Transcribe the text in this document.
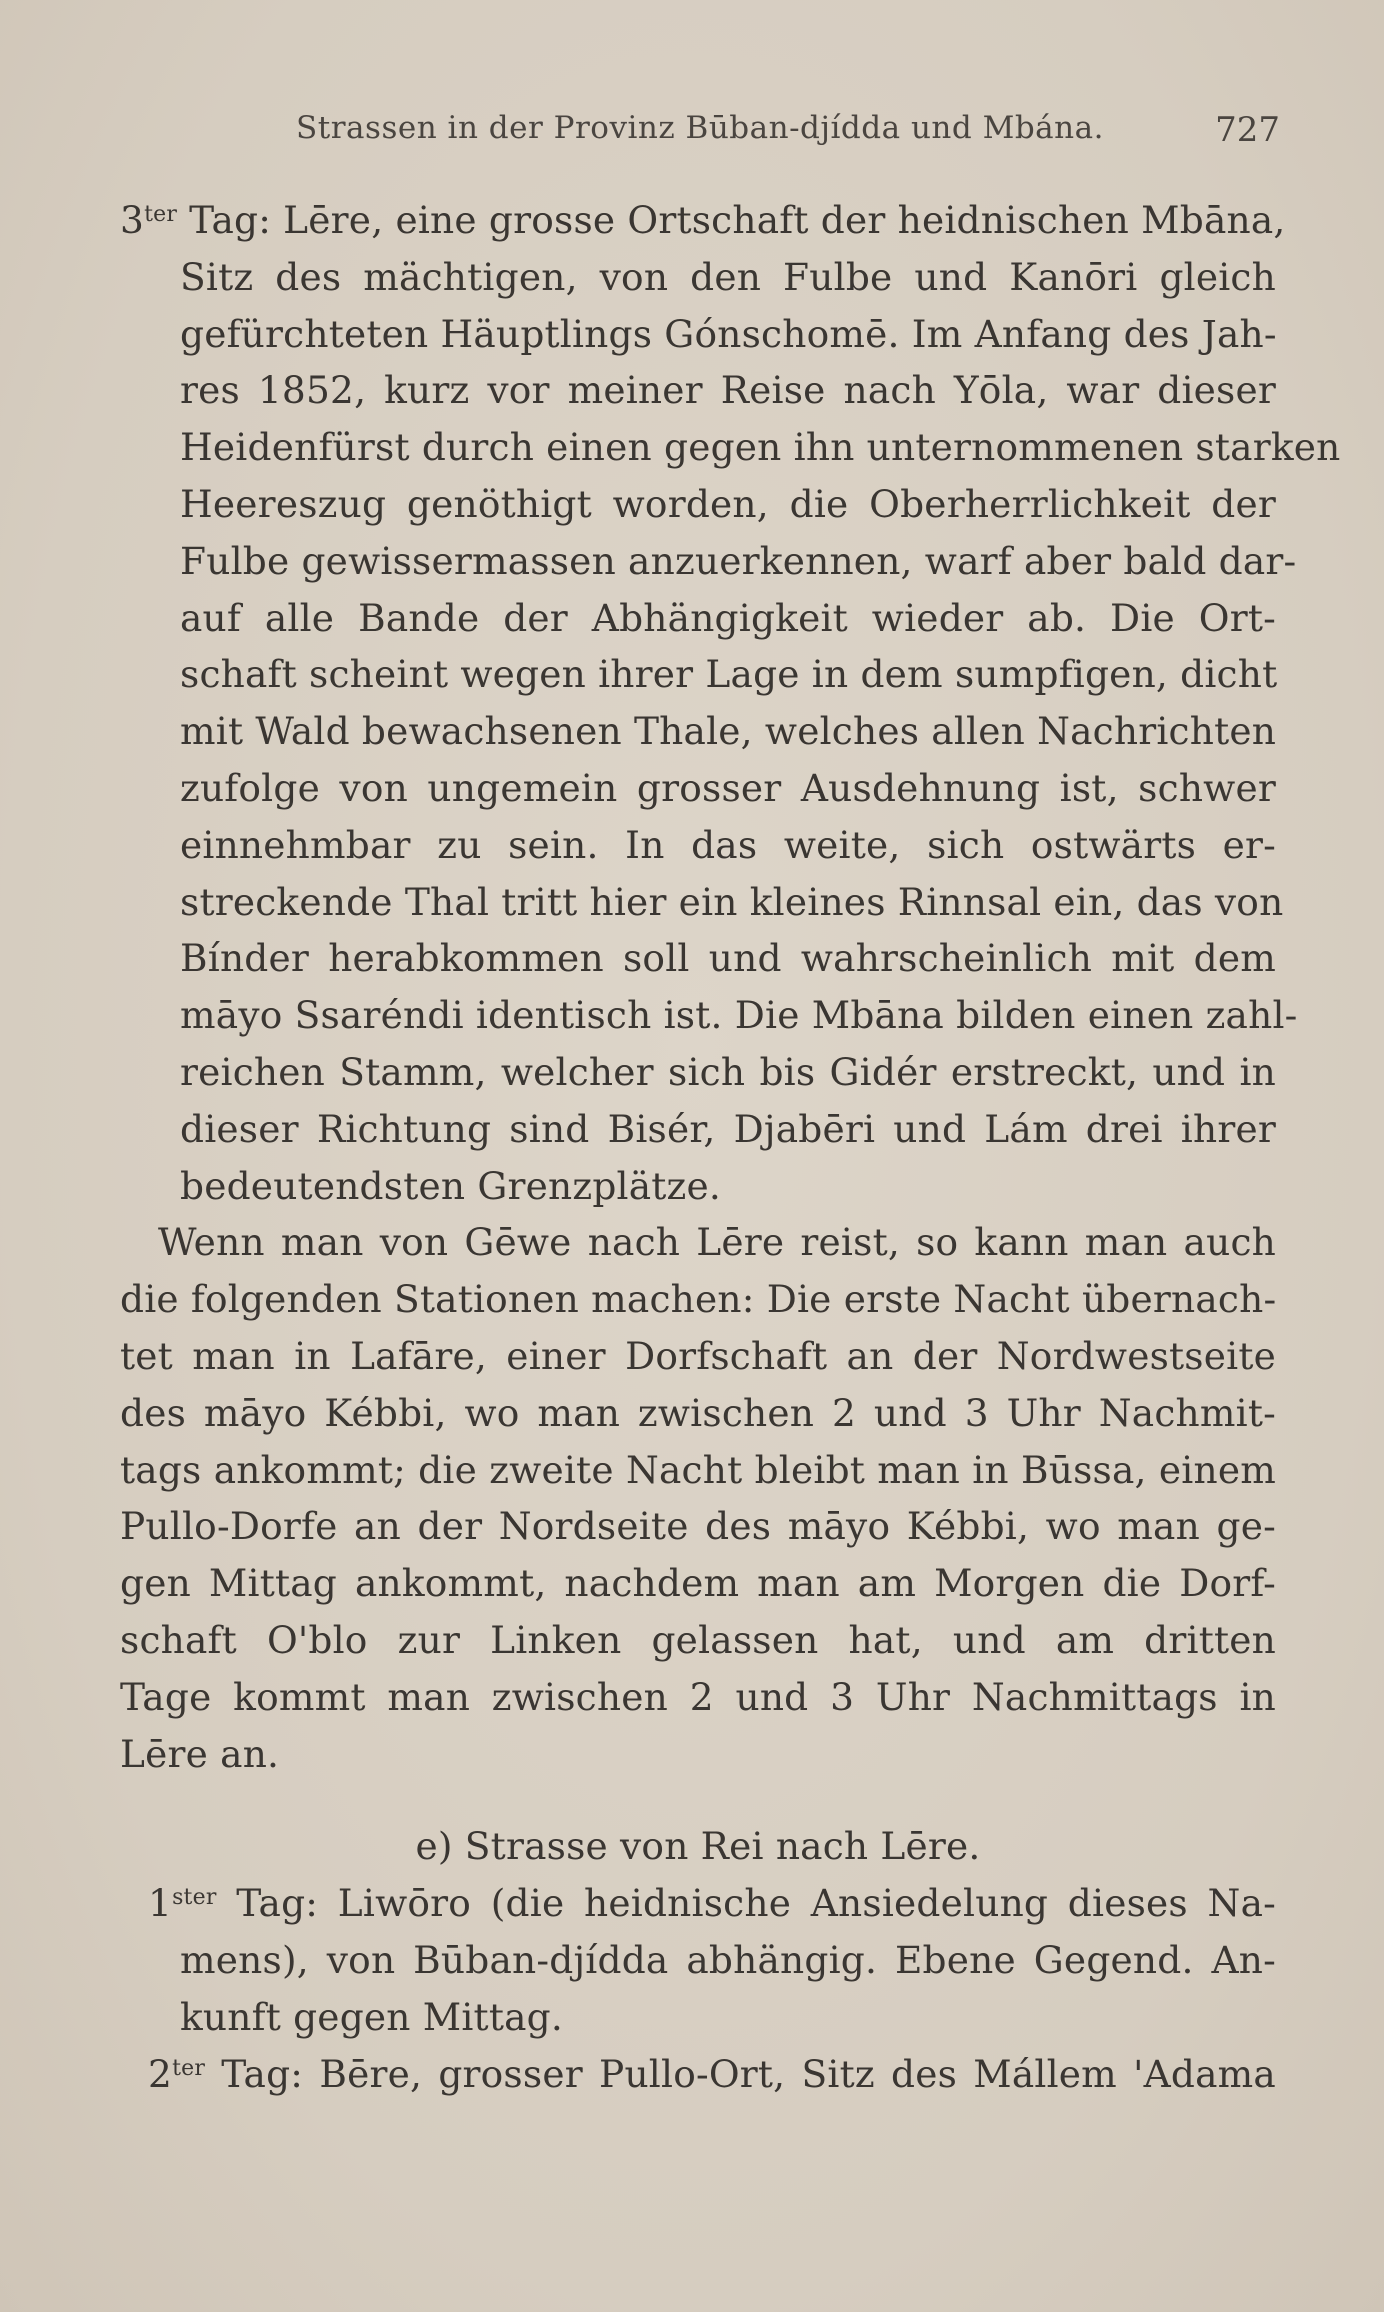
Strassen in der Provinz Būban-djídda und Mbána.	727
$3^{ter}$ Tag: Lēre, eine grosse Ortschaft der heidnischen Mbāna,
Sitz des mächtigen, von den Fulbe und Kanōri gleich
gefürchteten Häuptlings Gónschomē. Im Anfang des Jah-
res 1852, kurz vor meiner Reise nach Yōla, war dieser
Heidenfürst durch einen gegen ihn unternommenen starken
Heereszug genöthigt worden, die Oberherrlichkeit der
Fulbe gewissermassen anzuerkennen, warf aber bald dar-
auf alle Bande der Abhängigkeit wieder ab. Die Ort-
schaft scheint wegen ihrer Lage in dem sumpfigen, dicht
mit Wald bewachsenen Thale, welches allen Nachrichten
zufolge von ungemein grosser Ausdehnung ist, schwer
einnehmbar zu sein. In das weite, sich ostwärts er-
streckende Thal tritt hier ein kleines Rinnsal ein, das von
Bínder herabkommen soll und wahrscheinlich mit dem
māyo Ssaréndi identisch ist. Die Mbāna bilden einen zahl-
reichen Stamm, welcher sich bis Gidér erstreckt, und in
dieser Richtung sind Bisér, Djabēri und Lám drei ihrer
bedeutendsten Grenzplätze.
Wenn man von Gēwe nach Lēre reist, so kann man auch
die folgenden Stationen machen: Die erste Nacht übernach-
tet man in Lafāre, einer Dorfschaft an der Nordwestseite
des māyo Kébbi, wo man zwischen 2 und 3 Uhr Nachmit-
tags ankommt; die zweite Nacht bleibt man in Būssa, einem
Pullo-Dorfe an der Nordseite des māyo Kébbi, wo man ge-
gen Mittag ankommt, nachdem man am Morgen die Dorf-
schaft O'blo zur Linken gelassen hat, und am dritten
Tage kommt man zwischen 2 und 3 Uhr Nachmittags in
Lēre an.
e) Strasse von Rei nach Lēre.
$1^{ster}$ Tag: Liwōro (die heidnische Ansiedelung dieses Na-
mens), von Būban-djídda abhängig. Ebene Gegend. An-
kunft gegen Mittag.
$2^{ter}$ Tag: Bēre, grosser Pullo-Ort, Sitz des Mállem 'Adama
